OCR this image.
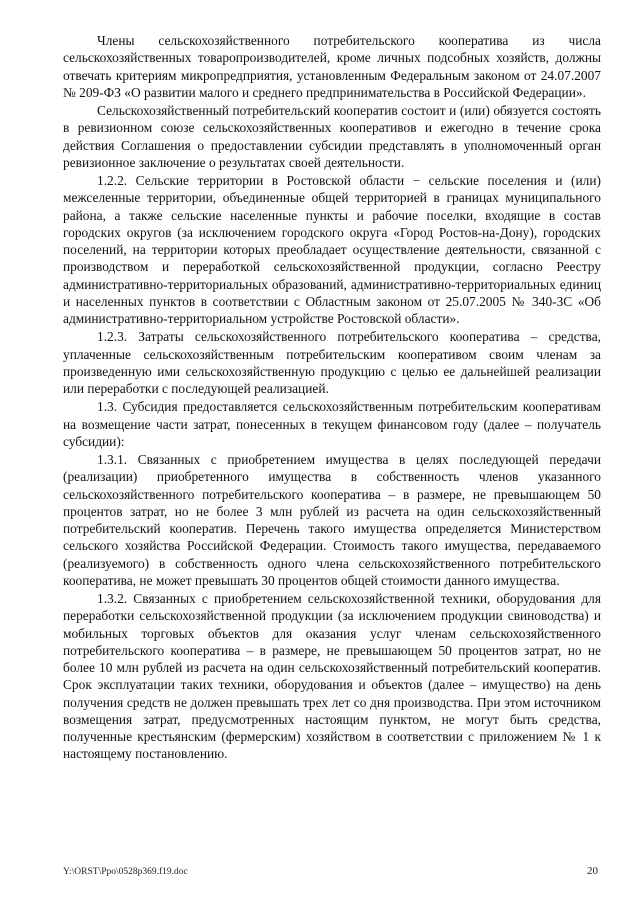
Члены сельскохозяйственного потребительского кооператива из числа сельскохозяйственных товаропроизводителей, кроме личных подсобных хозяйств, должны отвечать критериям микропредприятия, установленным Федеральным законом от 24.07.2007 № 209-ФЗ «О развитии малого и среднего предпринимательства в Российской Федерации».

Сельскохозяйственный потребительский кооператив состоит и (или) обязуется состоять в ревизионном союзе сельскохозяйственных кооперативов и ежегодно в течение срока действия Соглашения о предоставлении субсидии представлять в уполномоченный орган ревизионное заключение о результатах своей деятельности.

1.2.2. Сельские территории в Ростовской области − сельские поселения и (или) межселенные территории, объединенные общей территорией в границах муниципального района, а также сельские населенные пункты и рабочие поселки, входящие в состав городских округов (за исключением городского округа «Город Ростов-на-Дону), городских поселений, на территории которых преобладает осуществление деятельности, связанной с производством и переработкой сельскохозяйственной продукции, согласно Реестру административно-территориальных образований, административно-территориальных единиц и населенных пунктов в соответствии с Областным законом от 25.07.2005 № 340-ЗС «Об административно-территориальном устройстве Ростовской области».

1.2.3. Затраты сельскохозяйственного потребительского кооператива – средства, уплаченные сельскохозяйственным потребительским кооперативом своим членам за произведенную ими сельскохозяйственную продукцию с целью ее дальнейшей реализации или переработки с последующей реализацией.

1.3. Субсидия предоставляется сельскохозяйственным потребительским кооперативам на возмещение части затрат, понесенных в текущем финансовом году (далее – получатель субсидии):

1.3.1. Связанных с приобретением имущества в целях последующей передачи (реализации) приобретенного имущества в собственность членов указанного сельскохозяйственного потребительского кооператива – в размере, не превышающем 50 процентов затрат, но не более 3 млн рублей из расчета на один сельскохозяйственный потребительский кооператив. Перечень такого имущества определяется Министерством сельского хозяйства Российской Федерации. Стоимость такого имущества, передаваемого (реализуемого) в собственность одного члена сельскохозяйственного потребительского кооператива, не может превышать 30 процентов общей стоимости данного имущества.

1.3.2. Связанных с приобретением сельскохозяйственной техники, оборудования для переработки сельскохозяйственной продукции (за исключением продукции свиноводства) и мобильных торговых объектов для оказания услуг членам сельскохозяйственного потребительского кооператива – в размере, не превышающем 50 процентов затрат, но не более 10 млн рублей из расчета на один сельскохозяйственный потребительский кооператив. Срок эксплуатации таких техники, оборудования и объектов (далее – имущество) на день получения средств не должен превышать трех лет со дня производства. При этом источником возмещения затрат, предусмотренных настоящим пунктом, не могут быть средства, полученные крестьянским (фермерским) хозяйством в соответствии с приложением № 1 к настоящему постановлению.

Y:\ORST\Ppo\0528p369.f19.doc	20
